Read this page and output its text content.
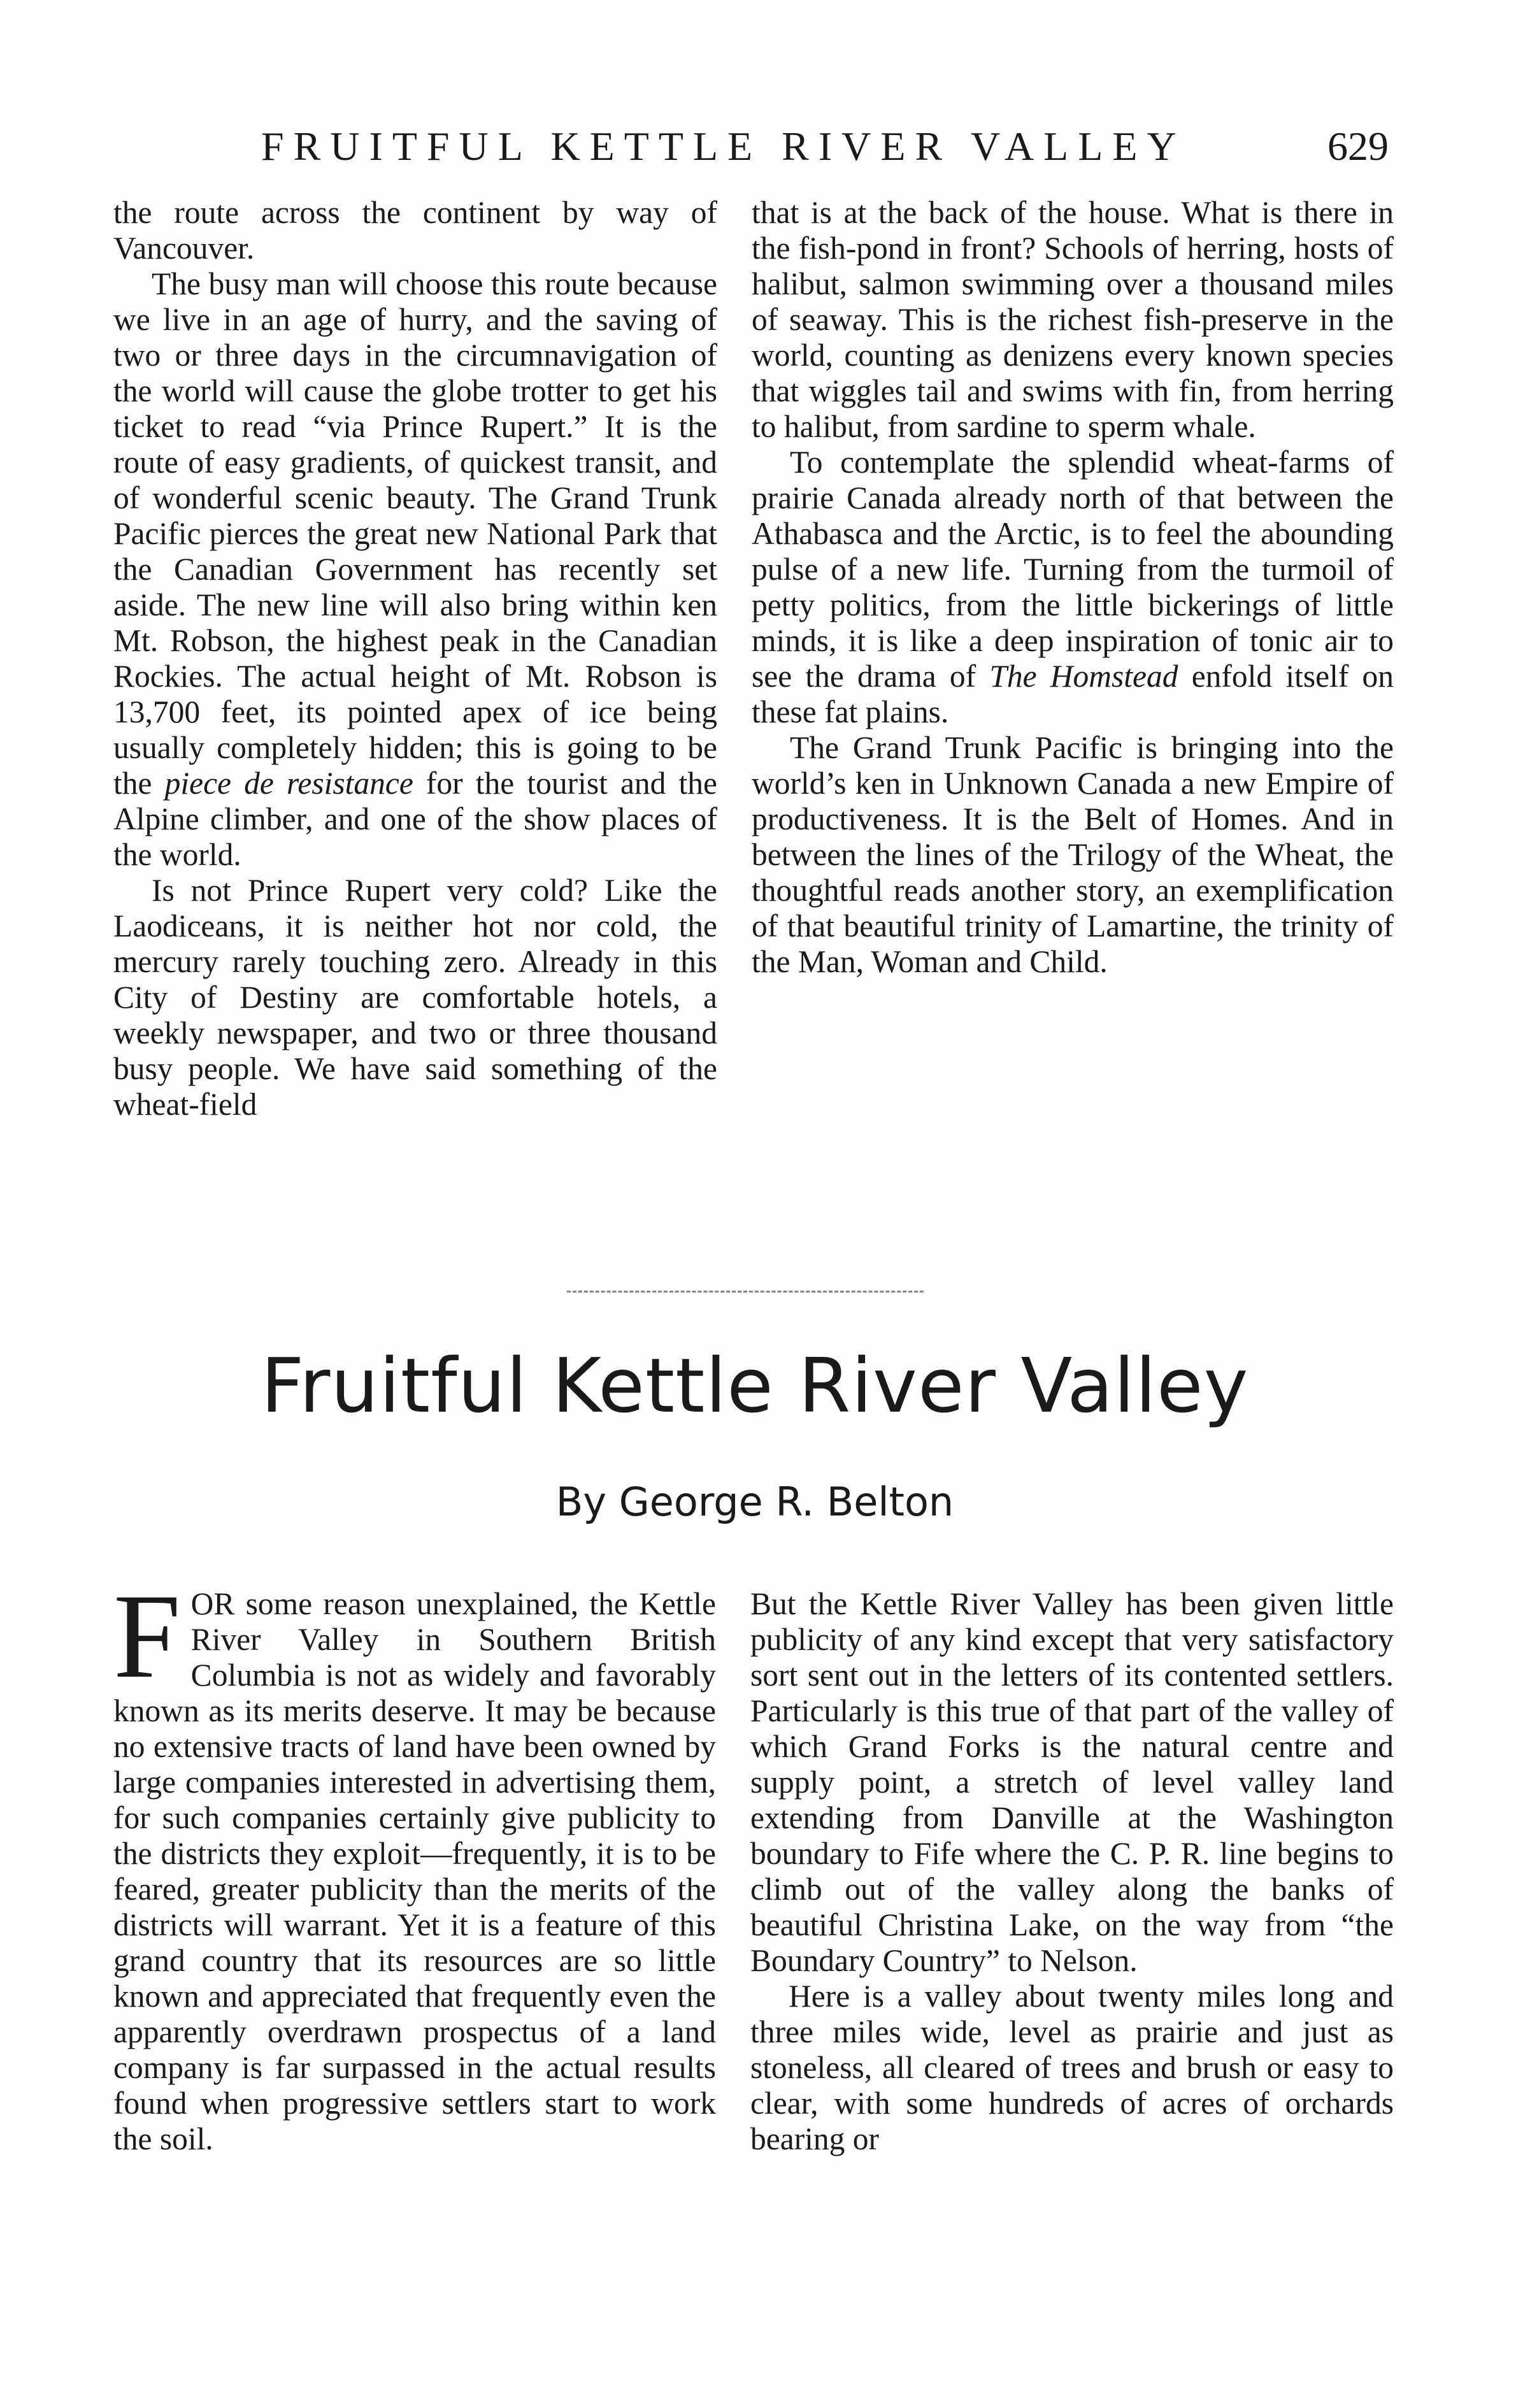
FRUITFUL KETTLE RIVER VALLEY	629

the route across the continent by way of Vancouver.

The busy man will choose this route because we live in an age of hurry, and the saving of two or three days in the circumnavigation of the world will cause the globe trotter to get his ticket to read “via Prince Rupert.” It is the route of easy gradients, of quickest transit, and of wonderful scenic beauty. The Grand Trunk Pacific pierces the great new National Park that the Canadian Government has recently set aside. The new line will also bring within ken Mt. Robson, the highest peak in the Canadian Rockies. The actual height of Mt. Robson is 13,700 feet, its pointed apex of ice being usually completely hidden; this is going to be the piece de resistance for the tourist and the Alpine climber, and one of the show places of the world.

Is not Prince Rupert very cold? Like the Laodiceans, it is neither hot nor cold, the mercury rarely touching zero. Already in this City of Destiny are comfortable hotels, a weekly newspaper, and two or three thousand busy people. We have said something of the wheat-field

that is at the back of the house. What is there in the fish-pond in front? Schools of herring, hosts of halibut, salmon swimming over a thousand miles of seaway. This is the richest fish-preserve in the world, counting as denizens every known species that wiggles tail and swims with fin, from herring to halibut, from sardine to sperm whale.

To contemplate the splendid wheat-farms of prairie Canada already north of that between the Athabasca and the Arctic, is to feel the abounding pulse of a new life. Turning from the turmoil of petty politics, from the little bickerings of little minds, it is like a deep inspiration of tonic air to see the drama of The Homstead enfold itself on these fat plains.

The Grand Trunk Pacific is bringing into the world’s ken in Unknown Canada a new Empire of productiveness. It is the Belt of Homes. And in between the lines of the Trilogy of the Wheat, the thoughtful reads another story, an exemplification of that beautiful trinity of Lamartine, the trinity of the Man, Woman and Child.

Fruitful Kettle River Valley
By George R. Belton

FOR some reason unexplained, the Kettle River Valley in Southern British Columbia is not as widely and favorably known as its merits deserve. It may be because no extensive tracts of land have been owned by large companies interested in advertising them, for such companies certainly give publicity to the districts they exploit—frequently, it is to be feared, greater publicity than the merits of the districts will warrant. Yet it is a feature of this grand country that its resources are so little known and appreciated that frequently even the apparently overdrawn prospectus of a land company is far surpassed in the actual results found when progressive settlers start to work the soil.

But the Kettle River Valley has been given little publicity of any kind except that very satisfactory sort sent out in the letters of its contented settlers. Particularly is this true of that part of the valley of which Grand Forks is the natural centre and supply point, a stretch of level valley land extending from Danville at the Washington boundary to Fife where the C. P. R. line begins to climb out of the valley along the banks of beautiful Christina Lake, on the way from “the Boundary Country” to Nelson.

Here is a valley about twenty miles long and three miles wide, level as prairie and just as stoneless, all cleared of trees and brush or easy to clear, with some hundreds of acres of orchards bearing or
